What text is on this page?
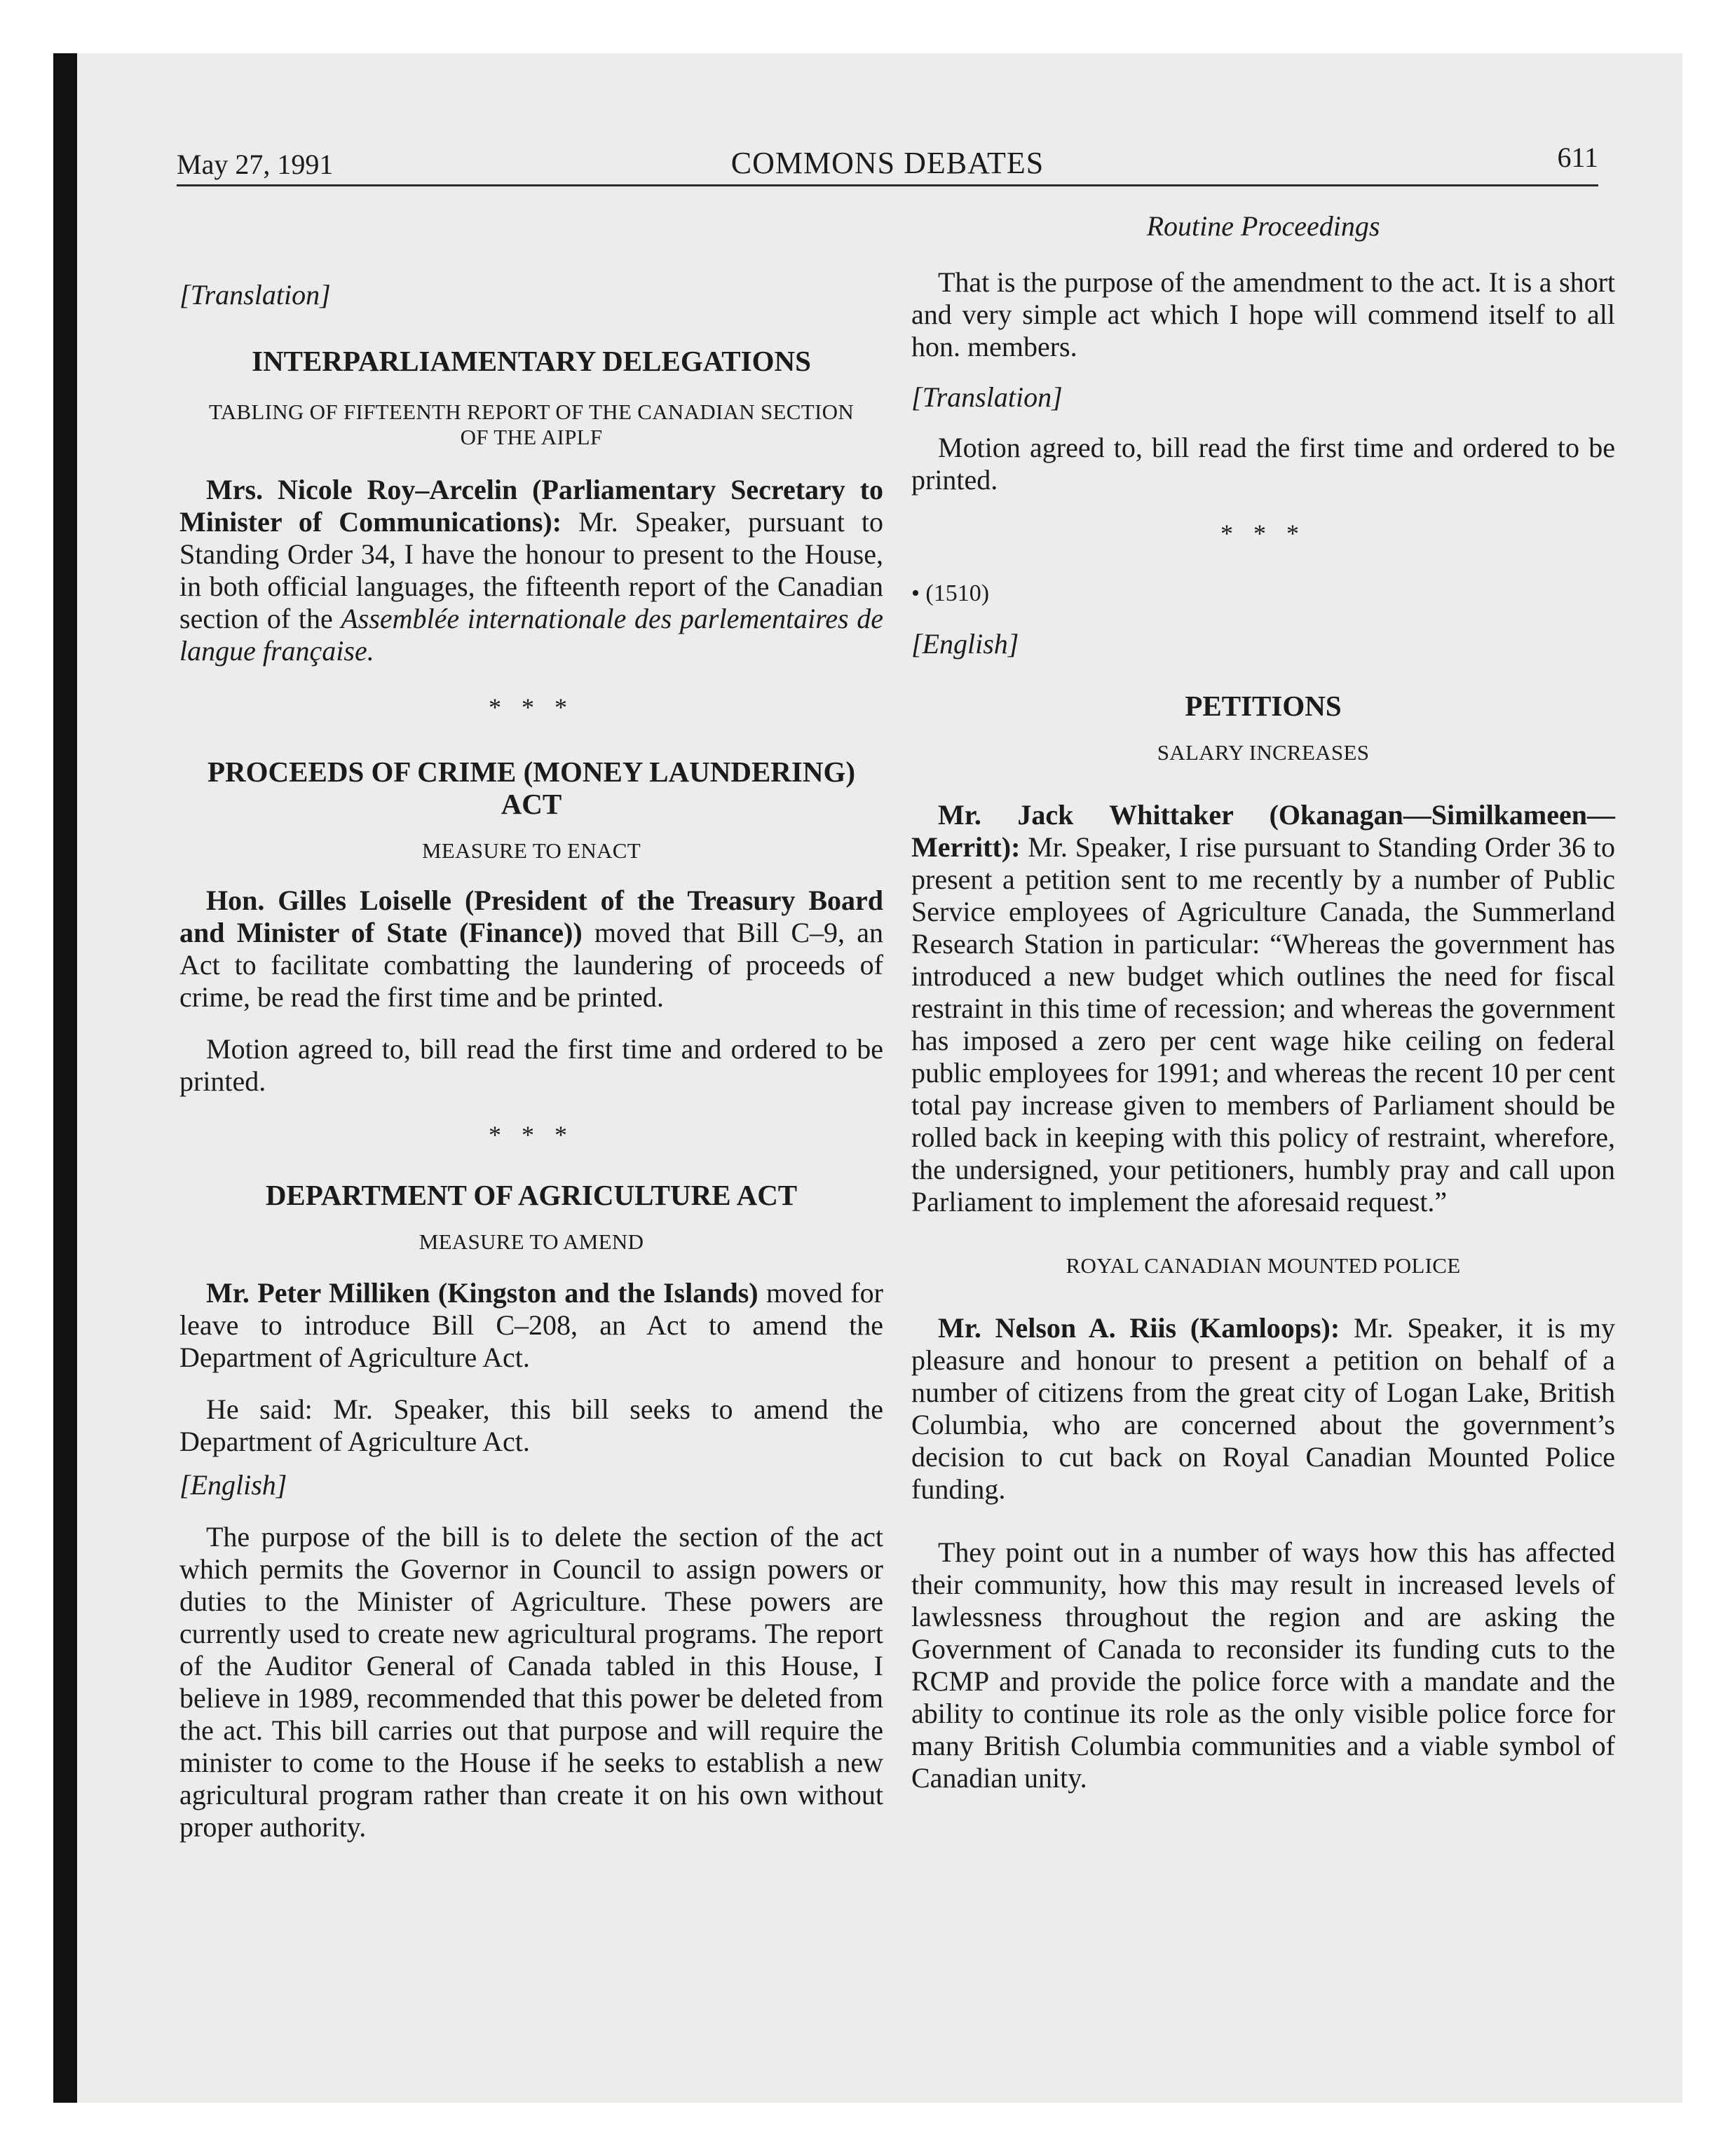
May 27, 1991	COMMONS DEBATES	611
[Translation]
INTERPARLIAMENTARY DELEGATIONS
TABLING OF FIFTEENTH REPORT OF THE CANADIAN SECTION OF THE AIPLF

Mrs. Nicole Roy–Arcelin (Parliamentary Secretary to Minister of Communications): Mr. Speaker, pursuant to Standing Order 34, I have the honour to present to the House, in both official languages, the fifteenth report of the Canadian section of the Assemblée internationale des parlementaires de langue française.

* * *
PROCEEDS OF CRIME (MONEY LAUNDERING) ACT
MEASURE TO ENACT

Hon. Gilles Loiselle (President of the Treasury Board and Minister of State (Finance)) moved that Bill C–9, an Act to facilitate combatting the laundering of proceeds of crime, be read the first time and be printed.

Motion agreed to, bill read the first time and ordered to be printed.

* * *
DEPARTMENT OF AGRICULTURE ACT
MEASURE TO AMEND

Mr. Peter Milliken (Kingston and the Islands) moved for leave to introduce Bill C–208, an Act to amend the Department of Agriculture Act.

He said: Mr. Speaker, this bill seeks to amend the Department of Agriculture Act.

[English]

The purpose of the bill is to delete the section of the act which permits the Governor in Council to assign powers or duties to the Minister of Agriculture. These powers are currently used to create new agricultural programs. The report of the Auditor General of Canada tabled in this House, I believe in 1989, recommended that this power be deleted from the act. This bill carries out that purpose and will require the minister to come to the House if he seeks to establish a new agricultural program rather than create it on his own without proper authority.

Routine Proceedings

That is the purpose of the amendment to the act. It is a short and very simple act which I hope will commend itself to all hon. members.

[Translation]

Motion agreed to, bill read the first time and ordered to be printed.

* * *
• (1510)
[English]
PETITIONS
SALARY INCREASES

Mr. Jack Whittaker (Okanagan—Similkameen—Merritt): Mr. Speaker, I rise pursuant to Standing Order 36 to present a petition sent to me recently by a number of Public Service employees of Agriculture Canada, the Summerland Research Station in particular: “Whereas the government has introduced a new budget which outlines the need for fiscal restraint in this time of recession; and whereas the government has imposed a zero per cent wage hike ceiling on federal public employees for 1991; and whereas the recent 10 per cent total pay increase given to members of Parliament should be rolled back in keeping with this policy of restraint, wherefore, the undersigned, your petitioners, humbly pray and call upon Parliament to implement the aforesaid request.”

ROYAL CANADIAN MOUNTED POLICE

Mr. Nelson A. Riis (Kamloops): Mr. Speaker, it is my pleasure and honour to present a petition on behalf of a number of citizens from the great city of Logan Lake, British Columbia, who are concerned about the government’s decision to cut back on Royal Canadian Mounted Police funding.

They point out in a number of ways how this has affected their community, how this may result in increased levels of lawlessness throughout the region and are asking the Government of Canada to reconsider its funding cuts to the RCMP and provide the police force with a mandate and the ability to continue its role as the only visible police force for many British Columbia communities and a viable symbol of Canadian unity.
